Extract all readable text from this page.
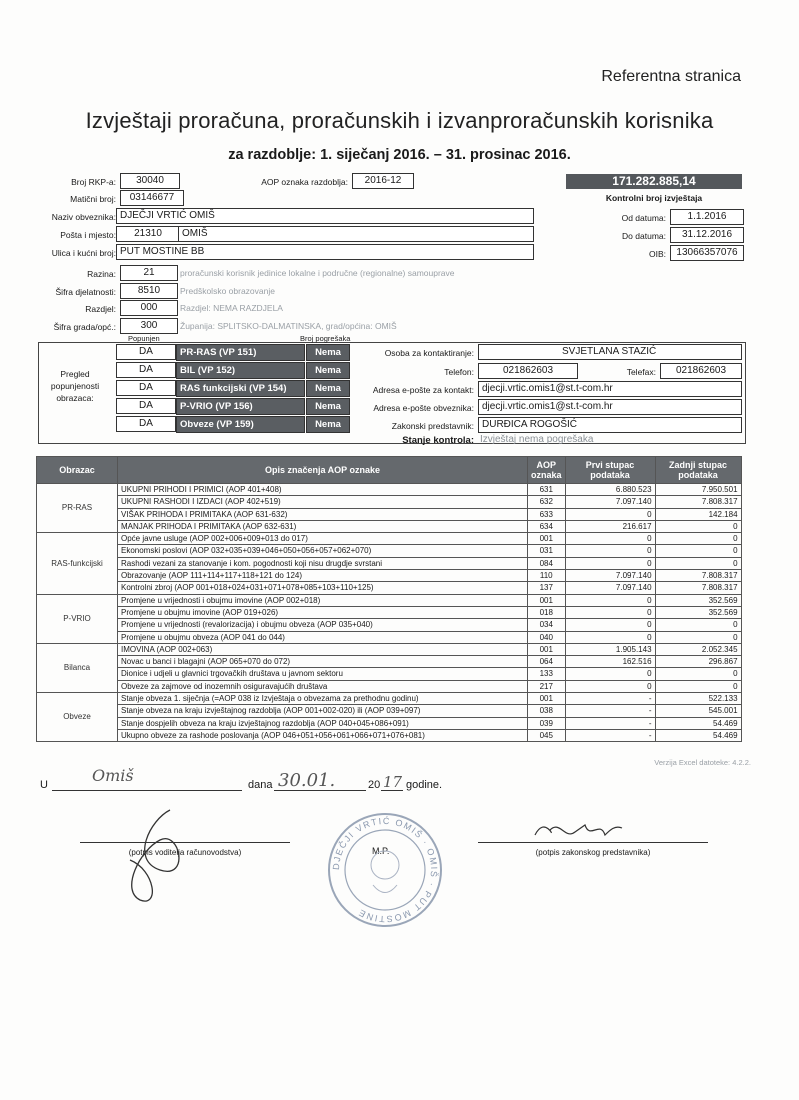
Referentna stranica
Izvještaji proračuna, proračunskih i izvanproračunskih korisnika
za razdoblje: 1. siječanj 2016. – 31. prosinac 2016.
Broj RKP-a:	30040	AOP oznaka razdoblja:	2016-12	171.282.885,14
Kontrolni broj izvještaja
Matični broj:	03146677
Naziv obveznika: DJEČJI VRTIĆ OMIŠ	Od datuma:	1.1.2016
Pošta i mjesto:	21310	OMIŠ	Do datuma:	31.12.2016
Ulica i kućni broj: PUT MOSTINE BB	OIB:	13066357076
Razina:	21	proračunski korisnik jedinice lokalne i područne (regionalne) samouprave
Šifra djelatnosti:	8510	Predškolsko obrazovanje
Razdjel:	000	Razdjel: NEMA RAZDJELA
Šifra grada/opć.:	300	Županija: SPLITSKO-DALMATINSKA, grad/općina: OMIŠ
Popunjen	Broj pogrešaka
Pregled popunjenosti obrazaca:
DA	PR-RAS (VP 151)	Nema
DA	BIL (VP 152)	Nema
DA	RAS funkcijski (VP 154)	Nema
DA	P-VRIO (VP 156)	Nema
DA	Obveze (VP 159)	Nema
Osoba za kontaktiranje:	SVJETLANA STAZIĆ
Telefon:	021862603	Telefax:	021862603
Adresa e-pošte za kontakt: djecji.vrtic.omis1@st.t-com.hr
Adresa e-pošte obveznika: djecji.vrtic.omis1@st.t-com.hr
Zakonski predstavnik: DURĐICA ROGOŠIĆ
Stanje kontrola: Izvještaj nema pogrešaka
Obrazac	Opis značenja AOP oznake	AOP oznaka	Prvi stupac podataka	Zadnji stupac podataka
PR-RAS	UKUPNI PRIHODI I PRIMICI (AOP 401+408)	631	6.880.523	7.950.501
	UKUPNI RASHODI I IZDACI (AOP 402+519)	632	7.097.140	7.808.317
	VIŠAK PRIHODA I PRIMITAKA (AOP 631-632)	633	0	142.184
	MANJAK PRIHODA I PRIMITAKA (AOP 632-631)	634	216.617	0
RAS-funkcijski	Opće javne usluge (AOP 002+006+009+013 do 017)	001	0	0
	Ekonomski poslovi (AOP 032+035+039+046+050+056+057+062+070)	031	0	0
	Rashodi vezani za stanovanje i kom. pogodnosti koji nisu drugdje svrstani	084	0	0
	Obrazovanje (AOP 111+114+117+118+121 do 124)	110	7.097.140	7.808.317
	Kontrolni zbroj (AOP 001+018+024+031+071+078+085+103+110+125)	137	7.097.140	7.808.317
P-VRIO	Promjene u vrijednosti i obujmu imovine (AOP 002+018)	001	0	352.569
	Promjene u obujmu imovine (AOP 019+026)	018	0	352.569
	Promjene u vrijednosti (revalorizacija) i obujmu obveza (AOP 035+040)	034	0	0
	Promjene u obujmu obveza (AOP 041 do 044)	040	0	0
Bilanca	IMOVINA (AOP 002+063)	001	1.905.143	2.052.345
	Novac u banci i blagajni (AOP 065+070 do 072)	064	162.516	296.867
	Dionice i udjeli u glavnici trgovačkih društava u javnom sektoru	133	0	0
	Obveze za zajmove od inozemnih osiguravajućih društava	217	0	0
Obveze	Stanje obveza 1. siječnja (=AOP 038 iz Izvještaja o obvezama za prethodnu godinu)	001	-	522.133
	Stanje obveza na kraju izvještajnog razdoblja (AOP 001+002-020) ili (AOP 039+097)	038	-	545.001
	Stanje dospjelih obveza na kraju izvještajnog razdoblja (AOP 040+045+086+091)	039	-	54.469
	Ukupno obveze za rashode poslovanja (AOP 046+051+056+061+066+071+076+081)	045	-	54.469
Verzija Excel datoteke: 4.2.2.
U	Omiš	dana 30.01.	20 17 godine.
(potpis voditelja računovodstva)	(potpis zakonskog predstavnika)
M.P.
DJEČJI VRTIĆ OMIŠ · OMIŠ · PUT MOSTINE
